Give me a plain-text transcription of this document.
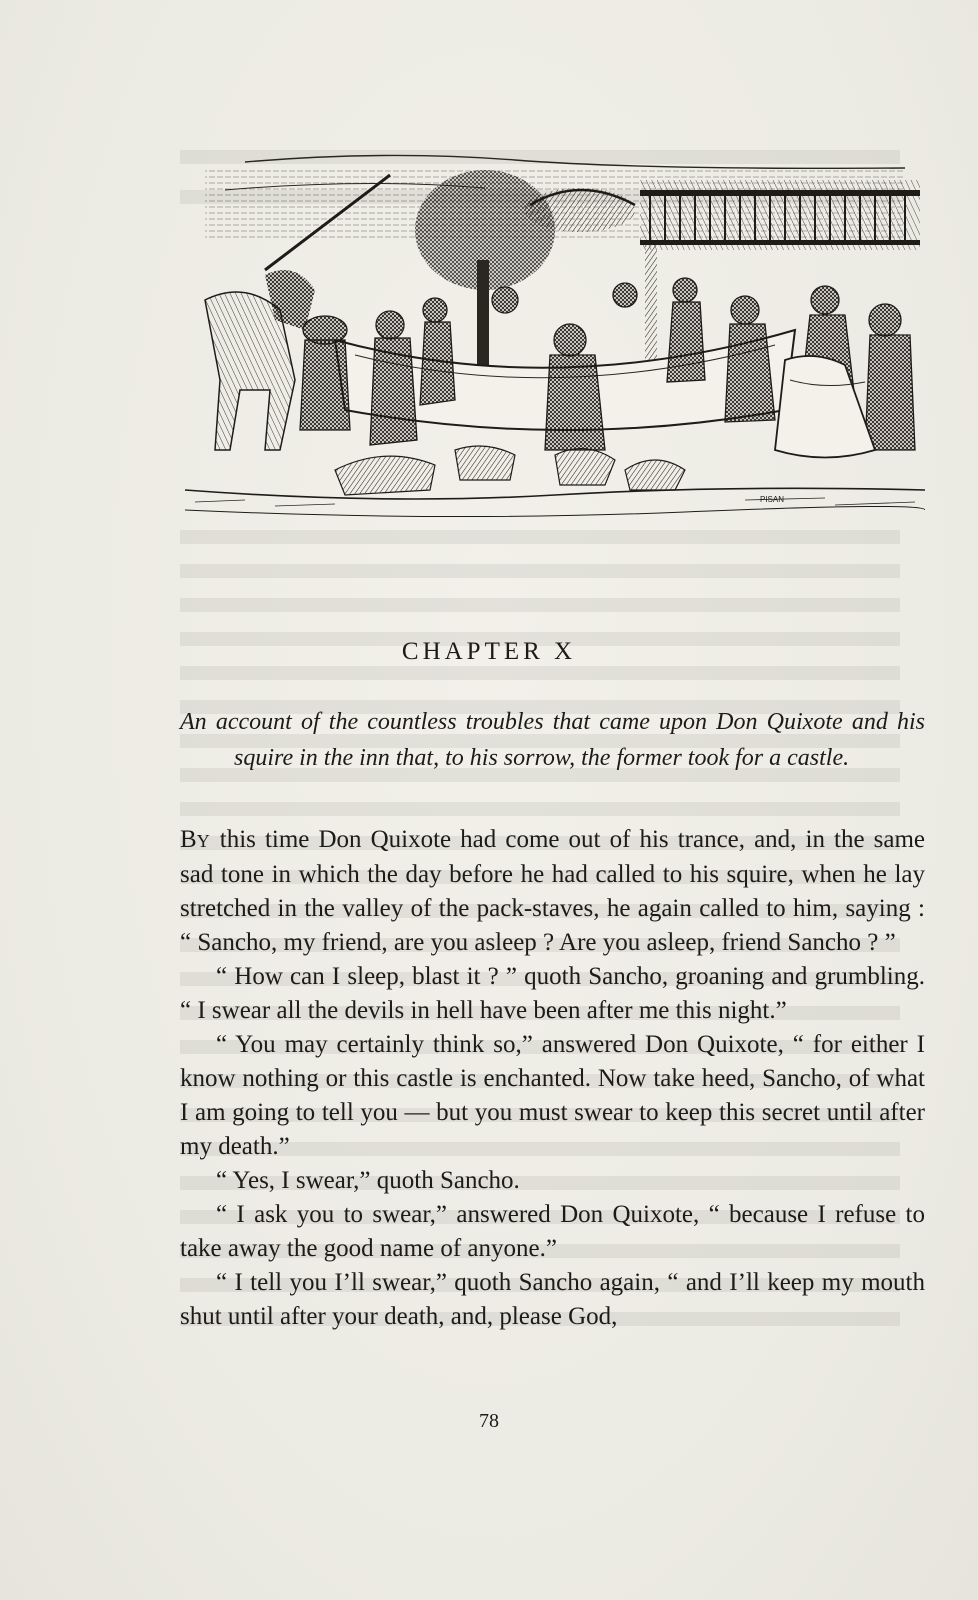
PISAN
CHAPTER X
An account of the countless troubles that came upon Don Quixote and his squire in the inn that, to his sorrow, the former took for a castle.

BY this time Don Quixote had come out of his trance, and, in the same sad tone in which the day before he had called to his squire, when he lay stretched in the valley of the pack-staves, he again called to him, saying : “ Sancho, my friend, are you asleep ? Are you asleep, friend Sancho ? ”

“ How can I sleep, blast it ? ” quoth Sancho, groaning and grumbling. “ I swear all the devils in hell have been after me this night.”

“ You may certainly think so,” answered Don Quixote, “ for either I know nothing or this castle is enchanted. Now take heed, Sancho, of what I am going to tell you — but you must swear to keep this secret until after my death.”

“ Yes, I swear,” quoth Sancho.

“ I ask you to swear,” answered Don Quixote, “ because I refuse to take away the good name of anyone.”

“ I tell you I’ll swear,” quoth Sancho again, “ and I’ll keep my mouth shut until after your death, and, please God,

78
